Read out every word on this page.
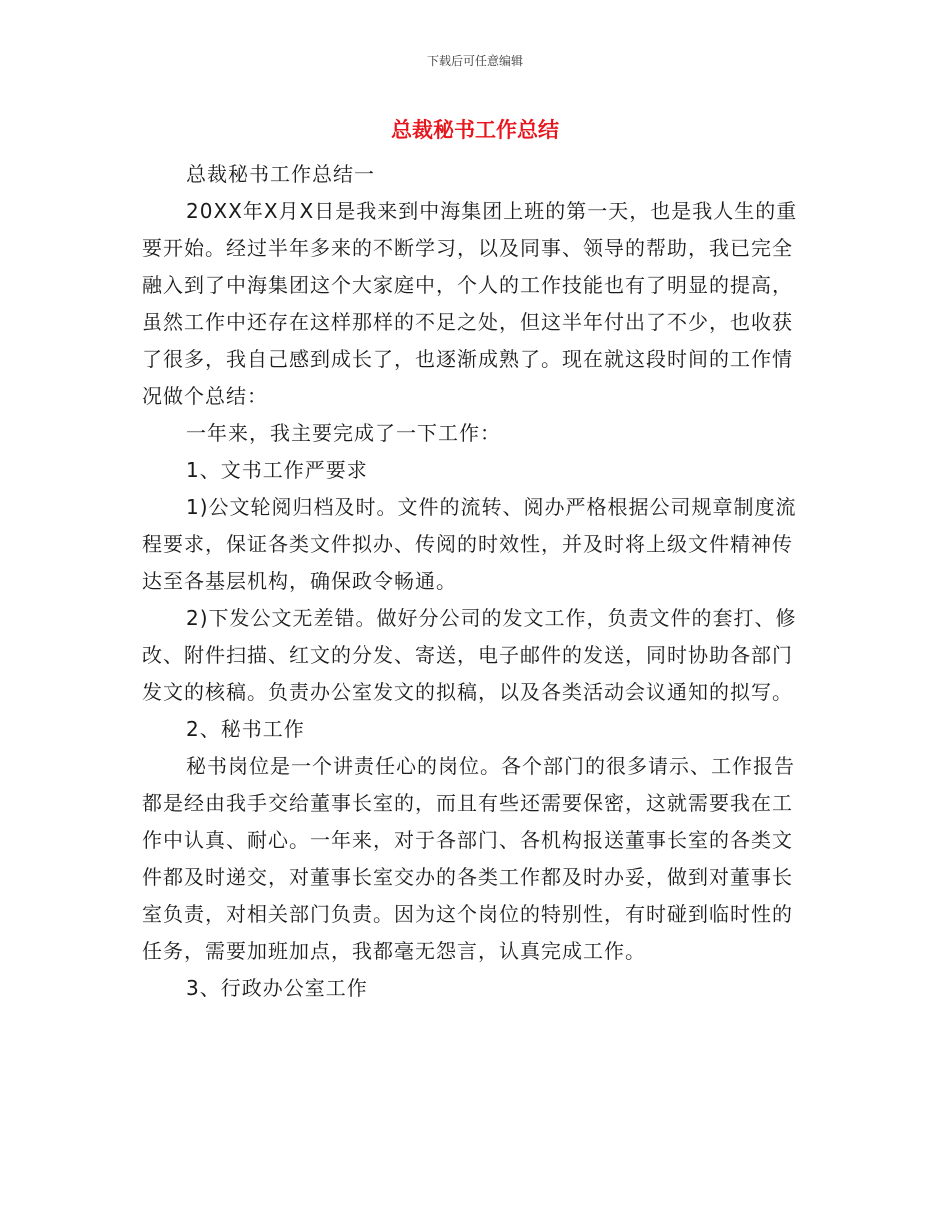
下载后可任意编辑
总裁秘书工作总结

总裁秘书工作总结一

20XX年X月X日是我来到中海集团上班的第一天，也是我人生的重要开始。经过半年多来的不断学习，以及同事、领导的帮助，我已完全融入到了中海集团这个大家庭中，个人的工作技能也有了明显的提高，虽然工作中还存在这样那样的不足之处，但这半年付出了不少，也收获了很多，我自己感到成长了，也逐渐成熟了。现在就这段时间的工作情况做个总结：

一年来，我主要完成了一下工作：

1、文书工作严要求

1)公文轮阅归档及时。文件的流转、阅办严格根据公司规章制度流程要求，保证各类文件拟办、传阅的时效性，并及时将上级文件精神传达至各基层机构，确保政令畅通。

2)下发公文无差错。做好分公司的发文工作，负责文件的套打、修改、附件扫描、红文的分发、寄送，电子邮件的发送，同时协助各部门发文的核稿。负责办公室发文的拟稿，以及各类活动会议通知的拟写。

2、秘书工作

秘书岗位是一个讲责任心的岗位。各个部门的很多请示、工作报告都是经由我手交给董事长室的，而且有些还需要保密，这就需要我在工作中认真、耐心。一年来，对于各部门、各机构报送董事长室的各类文件都及时递交，对董事长室交办的各类工作都及时办妥，做到对董事长室负责，对相关部门负责。因为这个岗位的特别性，有时碰到临时性的任务，需要加班加点，我都毫无怨言，认真完成工作。

3、行政办公室工作
